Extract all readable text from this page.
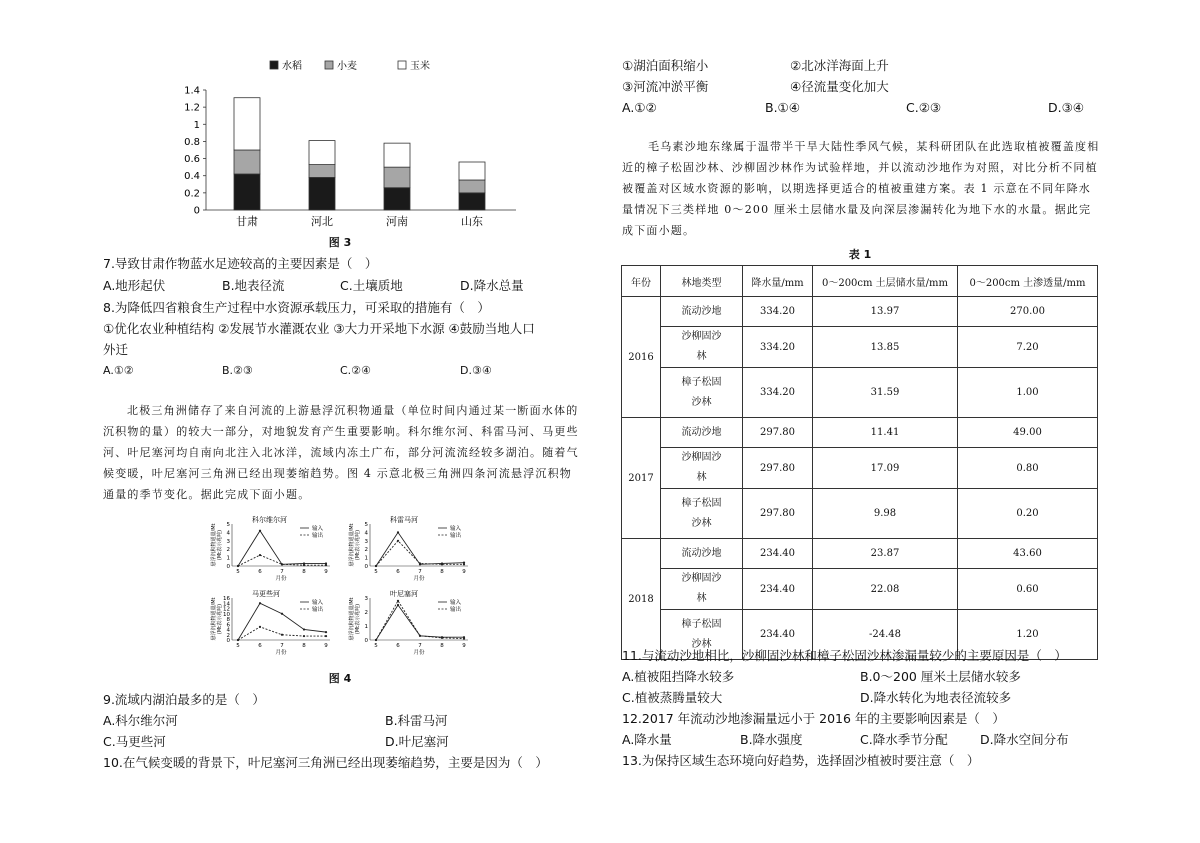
水稻	小麦	玉米
0
0.2
0.4
0.6
0.8
1
1.2
1.4
甘肃	河北	河南	山东
图 3
7.导致甘肃作物蓝水足迹较高的主要因素是（　）
A.地形起伏	B.地表径流	C.土壤质地	D.降水总量
8.为降低四省粮食生产过程中水资源承载压力，可采取的措施有（　）
①优化农业种植结构 ②发展节水灌溉农业 ③大力开采地下水源 ④鼓励当地人口
外迁
A.①②	B.②③	C.②④	D.③④
北极三角洲储存了来自河流的上游悬浮沉积物通量（单位时间内通过某一断面水体的沉积物的量）的较大一部分，对地貌发育产生重要影响。科尔维尔河、科雷马河、马更些河、叶尼塞河均自南向北注入北冰洋，流域内冻土广布，部分河流流经较多湖泊。随着气候变暖，叶尼塞河三角洲已经出现萎缩趋势。图 4 示意北极三角洲四条河流悬浮沉积物通量的季节变化。据此完成下面小题。
科尔维尔河
0
1
2
3
4
5
5	6	7	8	9
月份
悬浮沉积物通量/Mt (Mt表示兆吨)
输入
输出
科雷马河
0
1
2
3
4
5
5	6	7	8	9
月份
悬浮沉积物通量/Mt (Mt表示兆吨)
输入
输出
马更些河
0
2
4
6
8
10
12
14
16
5	6	7	8	9
月份
悬浮沉积物通量/Mt (Mt表示兆吨)
输入
输出
叶尼塞河
0
1
2
3
5	6	7	8	9
月份
悬浮沉积物通量/Mt (Mt表示兆吨)
输入
输出
图 4
9.流域内湖泊最多的是（　）
A.科尔维尔河	B.科雷马河
C.马更些河	D.叶尼塞河
10.在气候变暖的背景下，叶尼塞河三角洲已经出现萎缩趋势，主要是因为（　）
①湖泊面积缩小	②北冰洋海面上升
③河流冲淤平衡	④径流量变化加大
A.①②	B.①④	C.②③	D.③④
毛乌素沙地东缘属于温带半干旱大陆性季风气候，某科研团队在此选取植被覆盖度相近的樟子松固沙林、沙柳固沙林作为试验样地，并以流动沙地作为对照，对比分析不同植被覆盖对区域水资源的影响，以期选择更适合的植被重建方案。表 1 示意在不同年降水量情况下三类样地 0～200 厘米土层储水量及向深层渗漏转化为地下水的水量。据此完成下面小题。
表 1
年份	林地类型	降水量/mm	0～200cm 土层储水量/mm	0～200cm 土渗透量/mm
2016	流动沙地	334.20	13.97	270.00
	沙柳固沙林	334.20	13.85	7.20
	樟子松固沙林	334.20	31.59	1.00
2017	流动沙地	297.80	11.41	49.00
	沙柳固沙林	297.80	17.09	0.80
	樟子松固沙林	297.80	9.98	0.20
2018	流动沙地	234.40	23.87	43.60
	沙柳固沙林	234.40	22.08	0.60
	樟子松固沙林	234.40	-24.48	1.20
11.与流动沙地相比，沙柳固沙林和樟子松固沙林渗漏量较少的主要原因是（　）
A.植被阻挡降水较多	B.0～200 厘米土层储水较多
C.植被蒸腾量较大	D.降水转化为地表径流较多
12.2017 年流动沙地渗漏量远小于 2016 年的主要影响因素是（　）
A.降水量	B.降水强度	C.降水季节分配	D.降水空间分布
13.为保持区域生态环境向好趋势，选择固沙植被时要注意（　）
